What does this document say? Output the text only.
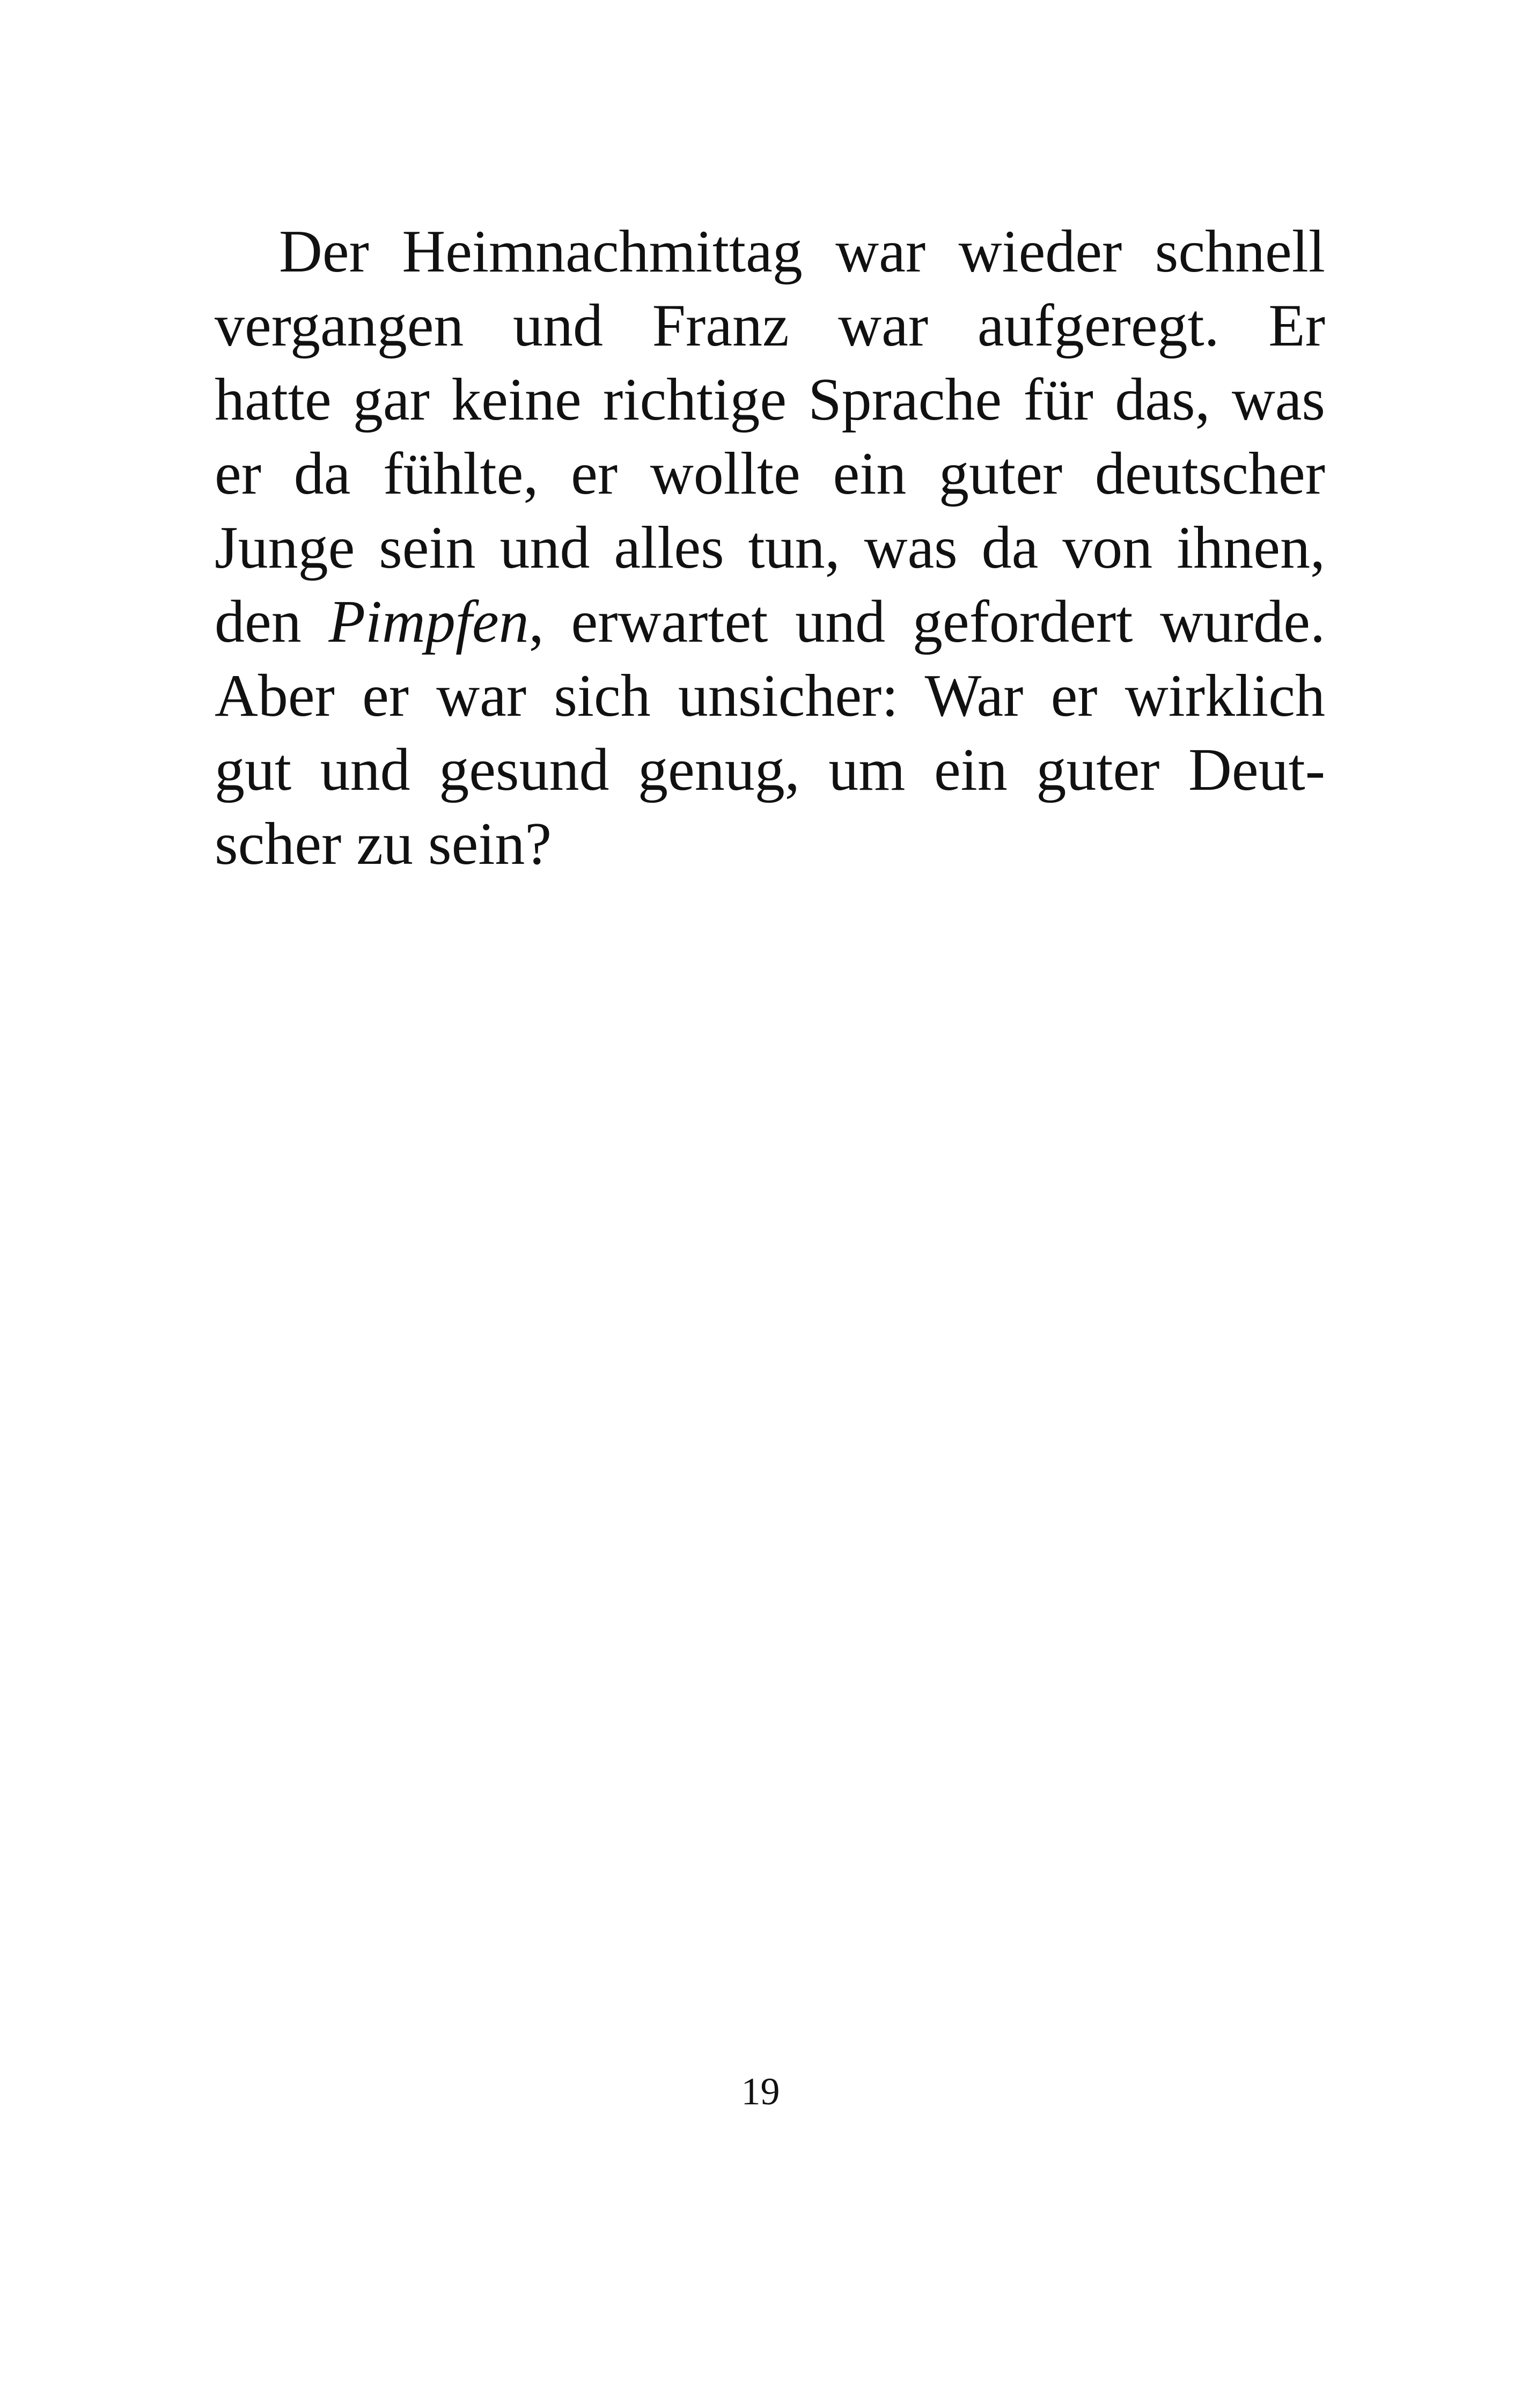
Der Heimnachmittag war wieder schnell
vergangen und Franz war aufgeregt. Er
hatte gar keine richtige Sprache für das, was
er da fühlte, er wollte ein guter deutscher
Junge sein und alles tun, was da von ihnen,
den Pimpfen, erwartet und gefordert wurde.
Aber er war sich unsicher: War er wirklich
gut und gesund genug, um ein guter Deut-
scher zu sein?
19
